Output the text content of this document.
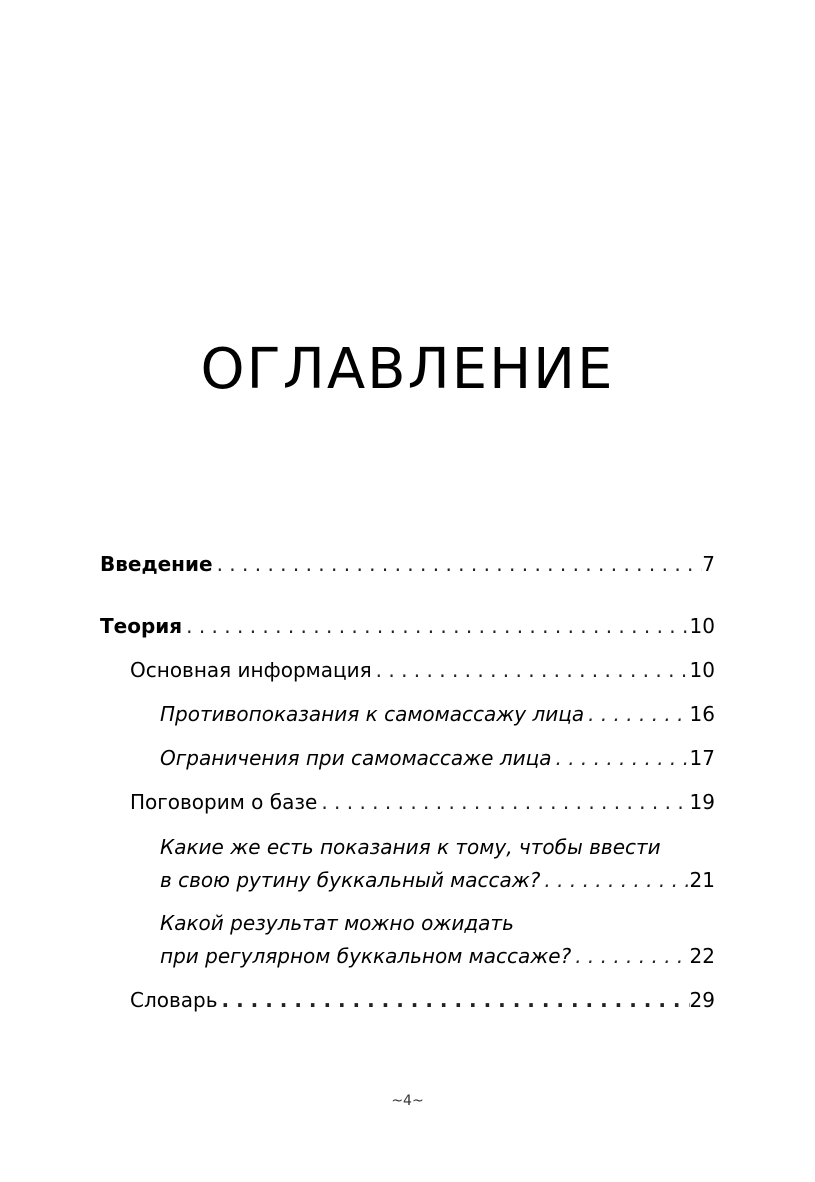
ОГЛАВЛЕНИЕ
Введение . . .	7
Теория . . .	10
Основная информация . . .	10
Противопоказания к самомассажу лица . . .	16
Ограничения при самомассаже лица . . .	17
Поговорим о базе . . .	19
Какие же есть показания к тому, чтобы ввести
в свою рутину буккальный массаж? . . .	21
Какой результат можно ожидать
при регулярном буккальном массаже? . . .	22
Словарь . . .	29
~4~
